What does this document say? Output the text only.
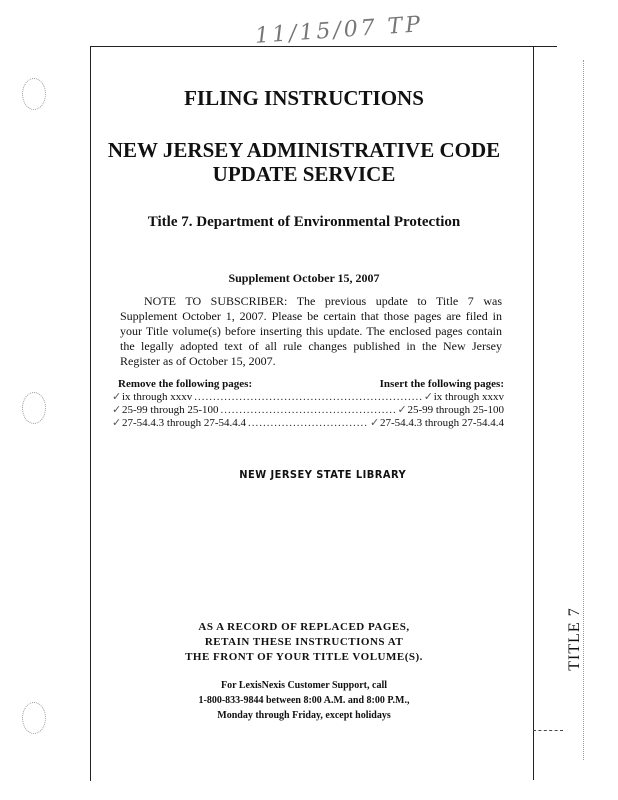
11/15/07 TP
TITLE 7
FILING INSTRUCTIONS
NEW JERSEY ADMINISTRATIVE CODE
UPDATE SERVICE
Title 7. Department of Environmental Protection
Supplement October 15, 2007
NOTE TO SUBSCRIBER: The previous update to Title 7 was Supplement October 1, 2007. Please be certain that those pages are filed in your Title volume(s) before inserting this update. The enclosed pages contain the legally adopted text of all rule changes published in the New Jersey Register as of October 15, 2007.
Remove the following pages:	Insert the following pages:
✓ ix through xxxv .....	✓ ix through xxxv
✓ 25-99 through 25-100 .....	✓ 25-99 through 25-100
✓ 27-54.4.3 through 27-54.4.4 .....	✓ 27-54.4.3 through 27-54.4.4
NEW JERSEY STATE LIBRARY
AS A RECORD OF REPLACED PAGES,
RETAIN THESE INSTRUCTIONS AT
THE FRONT OF YOUR TITLE VOLUME(S).
For LexisNexis Customer Support, call
1-800-833-9844 between 8:00 A.M. and 8:00 P.M.,
Monday through Friday, except holidays
